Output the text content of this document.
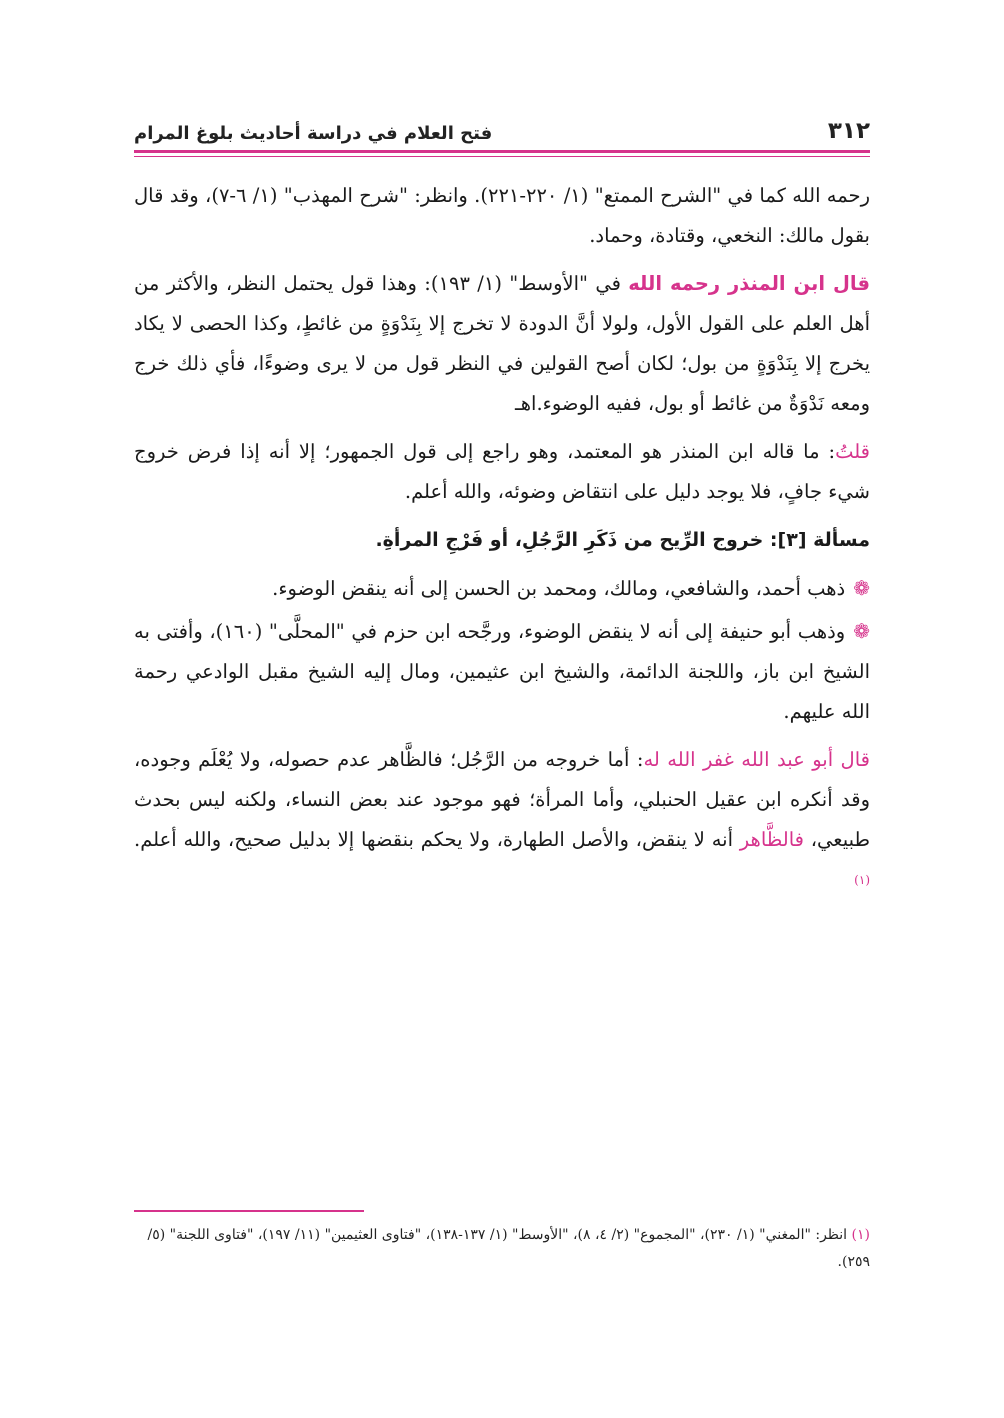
٣١٢
فتح العلام في دراسة أحاديث بلوغ المرام

رحمه الله كما في "الشرح الممتع" (١/ ٢٢٠-٢٢١). وانظر: "شرح المهذب" (١/ ٦-٧)، وقد قال بقول مالك: النخعي، وقتادة، وحماد.

قال ابن المنذر رحمه الله في "الأوسط" (١/ ١٩٣): وهذا قول يحتمل النظر، والأكثر من أهل العلم على القول الأول، ولولا أنَّ الدودة لا تخرج إلا بِنَدْوَةٍ من غائطٍ، وكذا الحصى لا يكاد يخرج إلا بِنَدْوَةٍ من بول؛ لكان أصح القولين في النظر قول من لا يرى وضوءًا، فأي ذلك خرج ومعه نَدْوَةٌ من غائط أو بول، ففيه الوضوء.اهـ

قلتُ: ما قاله ابن المنذر هو المعتمد، وهو راجع إلى قول الجمهور؛ إلا أنه إذا فرض خروج شيء جافٍ، فلا يوجد دليل على انتقاض وضوئه، والله أعلم.

مسألة [٣]: خروج الرِّيح من ذَكَرِ الرَّجُلِ، أو فَرْجِ المرأةِ.

❁ذهب أحمد، والشافعي، ومالك، ومحمد بن الحسن إلى أنه ينقض الوضوء.

❁وذهب أبو حنيفة إلى أنه لا ينقض الوضوء، ورجَّحه ابن حزم في "المحلَّى" (١٦٠)، وأفتى به الشيخ ابن باز، واللجنة الدائمة، والشيخ ابن عثيمين، ومال إليه الشيخ مقبل الوادعي رحمة الله عليهم.

قال أبو عبد الله غفر الله له: أما خروجه من الرَّجُل؛ فالظَّاهر عدم حصوله، ولا يُعْلَم وجوده، وقد أنكره ابن عقيل الحنبلي، وأما المرأة؛ فهو موجود عند بعض النساء، ولكنه ليس بحدث طبيعي، فالظَّاهر أنه لا ينقض، والأصل الطهارة، ولا يحكم بنقضها إلا بدليل صحيح، والله أعلم.$^{(١)}$

(١) انظر: "المغني" (١/ ٢٣٠)، "المجموع" (٢/ ٤، ٨)، "الأوسط" (١/ ١٣٧-١٣٨)، "فتاوى العثيمين" (١١/ ١٩٧)، "فتاوى اللجنة" (٥/ ٢٥٩).
